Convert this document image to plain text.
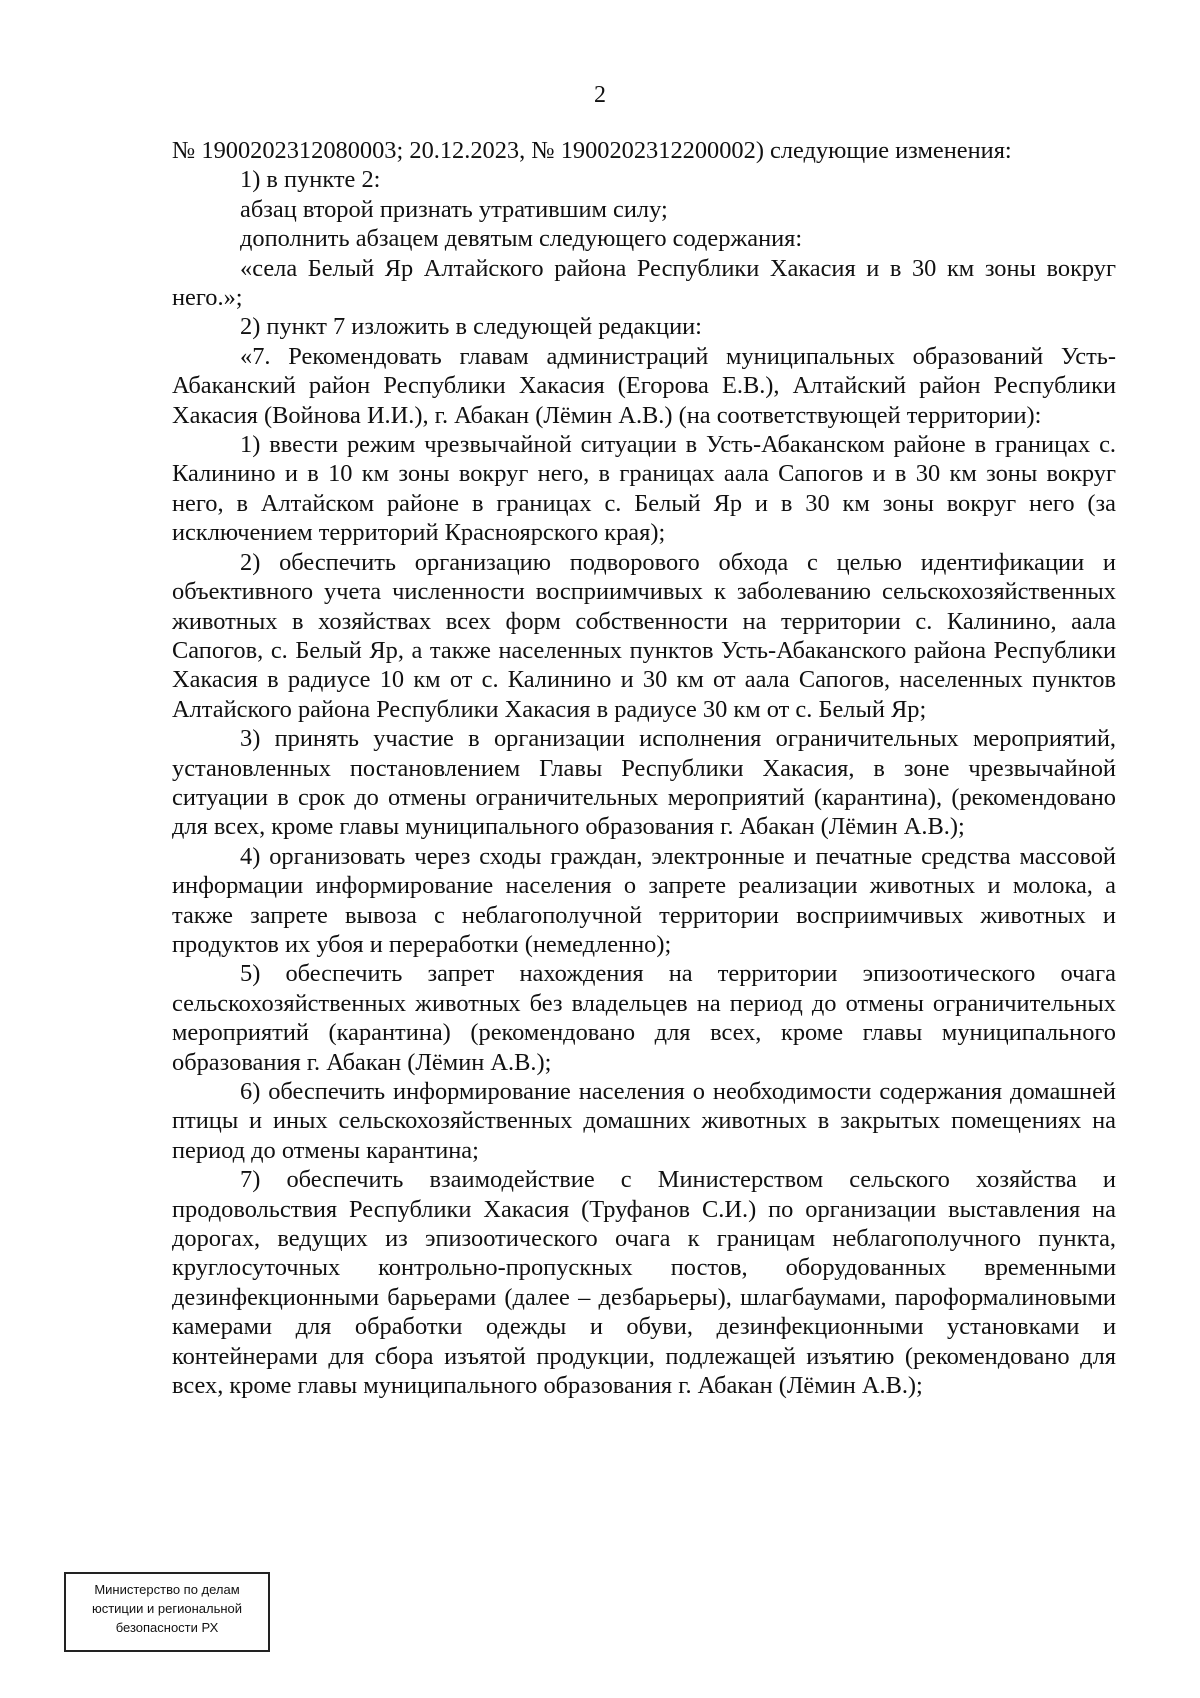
2

№ 1900202312080003; 20.12.2023, № 1900202312200002) следующие изменения:

1) в пункте 2:

абзац второй признать утратившим силу;

дополнить абзацем девятым следующего содержания:

«села Белый Яр Алтайского района Республики Хакасия и в 30 км зоны вокруг него.»;

2) пункт 7 изложить в следующей редакции:

«7. Рекомендовать главам администраций муниципальных образований Усть-Абаканский район Республики Хакасия (Егорова Е.В.), Алтайский район Республики Хакасия (Войнова И.И.), г. Абакан (Лёмин А.В.) (на соответствующей территории):

1) ввести режим чрезвычайной ситуации в Усть-Абаканском районе в границах с. Калинино и в 10 км зоны вокруг него, в границах аала Сапогов и в 30 км зоны вокруг него, в Алтайском районе в границах с. Белый Яр и в 30 км зоны вокруг него (за исключением территорий Красноярского края);

2) обеспечить организацию подворового обхода с целью идентификации и объективного учета численности восприимчивых к заболеванию сельскохозяйственных животных в хозяйствах всех форм собственности на территории с. Калинино, аала Сапогов, с. Белый Яр, а также населенных пунктов Усть-Абаканского района Республики Хакасия в радиусе 10 км от с. Калинино и 30 км от аала Сапогов, населенных пунктов Алтайского района Республики Хакасия в радиусе 30 км от с. Белый Яр;

3) принять участие в организации исполнения ограничительных мероприятий, установленных постановлением Главы Республики Хакасия, в зоне чрезвычайной ситуации в срок до отмены ограничительных мероприятий (карантина), (рекомендовано для всех, кроме главы муниципального образования г. Абакан (Лёмин А.В.);

4) организовать через сходы граждан, электронные и печатные средства массовой информации информирование населения о запрете реализации животных и молока, а также запрете вывоза с неблагополучной территории восприимчивых животных и продуктов их убоя и переработки (немедленно);

5) обеспечить запрет нахождения на территории эпизоотического очага сельскохозяйственных животных без владельцев на период до отмены ограничительных мероприятий (карантина) (рекомендовано для всех, кроме главы муниципального образования г. Абакан (Лёмин А.В.);

6) обеспечить информирование населения о необходимости содержания домашней птицы и иных сельскохозяйственных домашних животных в закрытых помещениях на период до отмены карантина;

7) обеспечить взаимодействие с Министерством сельского хозяйства и продовольствия Республики Хакасия (Труфанов С.И.) по организации выставления на дорогах, ведущих из эпизоотического очага к границам неблагополучного пункта, круглосуточных контрольно-пропускных постов, оборудованных временными дезинфекционными барьерами (далее – дезбарьеры), шлагбаумами, пароформалиновыми камерами для обработки одежды и обуви, дезинфекционными установками и контейнерами для сбора изъятой продукции, подлежащей изъятию (рекомендовано для всех, кроме главы муниципального образования г. Абакан (Лёмин А.В.);

Министерство по делам
юстиции и региональной
безопасности РХ
